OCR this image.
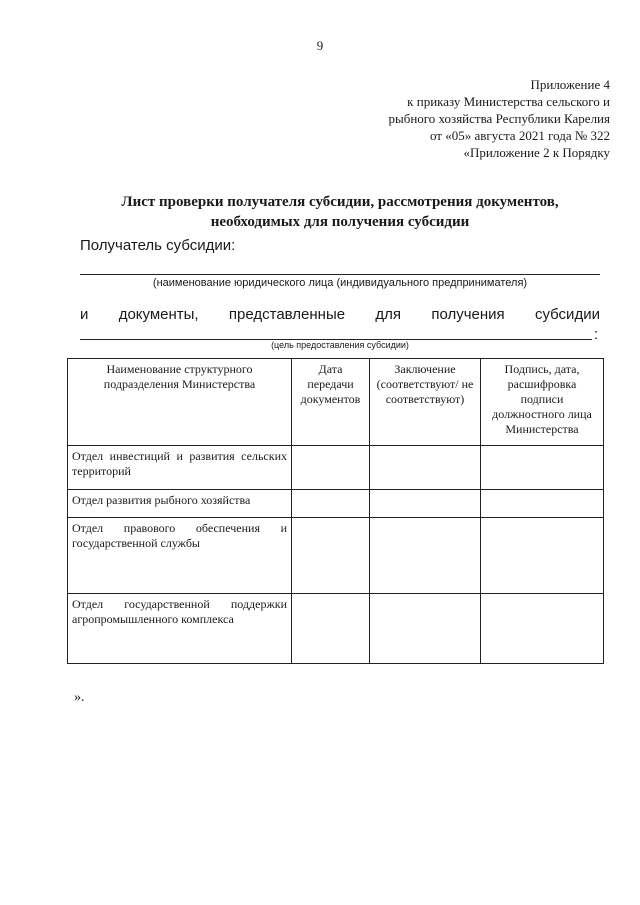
9
Приложение 4
к приказу Министерства сельского и
рыбного хозяйства Республики Карелия
от «05» августа 2021 года № 322
«Приложение 2 к Порядку
Лист проверки получателя субсидии, рассмотрения документов,
необходимых для получения субсидии
Получатель субсидии:
(наименование юридического лица (индивидуального предпринимателя)
и документы, представленные для получения субсидии
:
(цель предоставления субсидии)
Наименование структурного подразделения Министерства	Дата передачи документов	Заключение (соответствуют/ не соответствуют)	Подпись, дата, расшифровка подписи должностного лица Министерства
Отдел инвестиций и развития сельских территорий			
Отдел развития рыбного хозяйства			
Отдел правового обеспечения и государственной службы			
Отдел государственной поддержки агропромышленного комплекса			
».
